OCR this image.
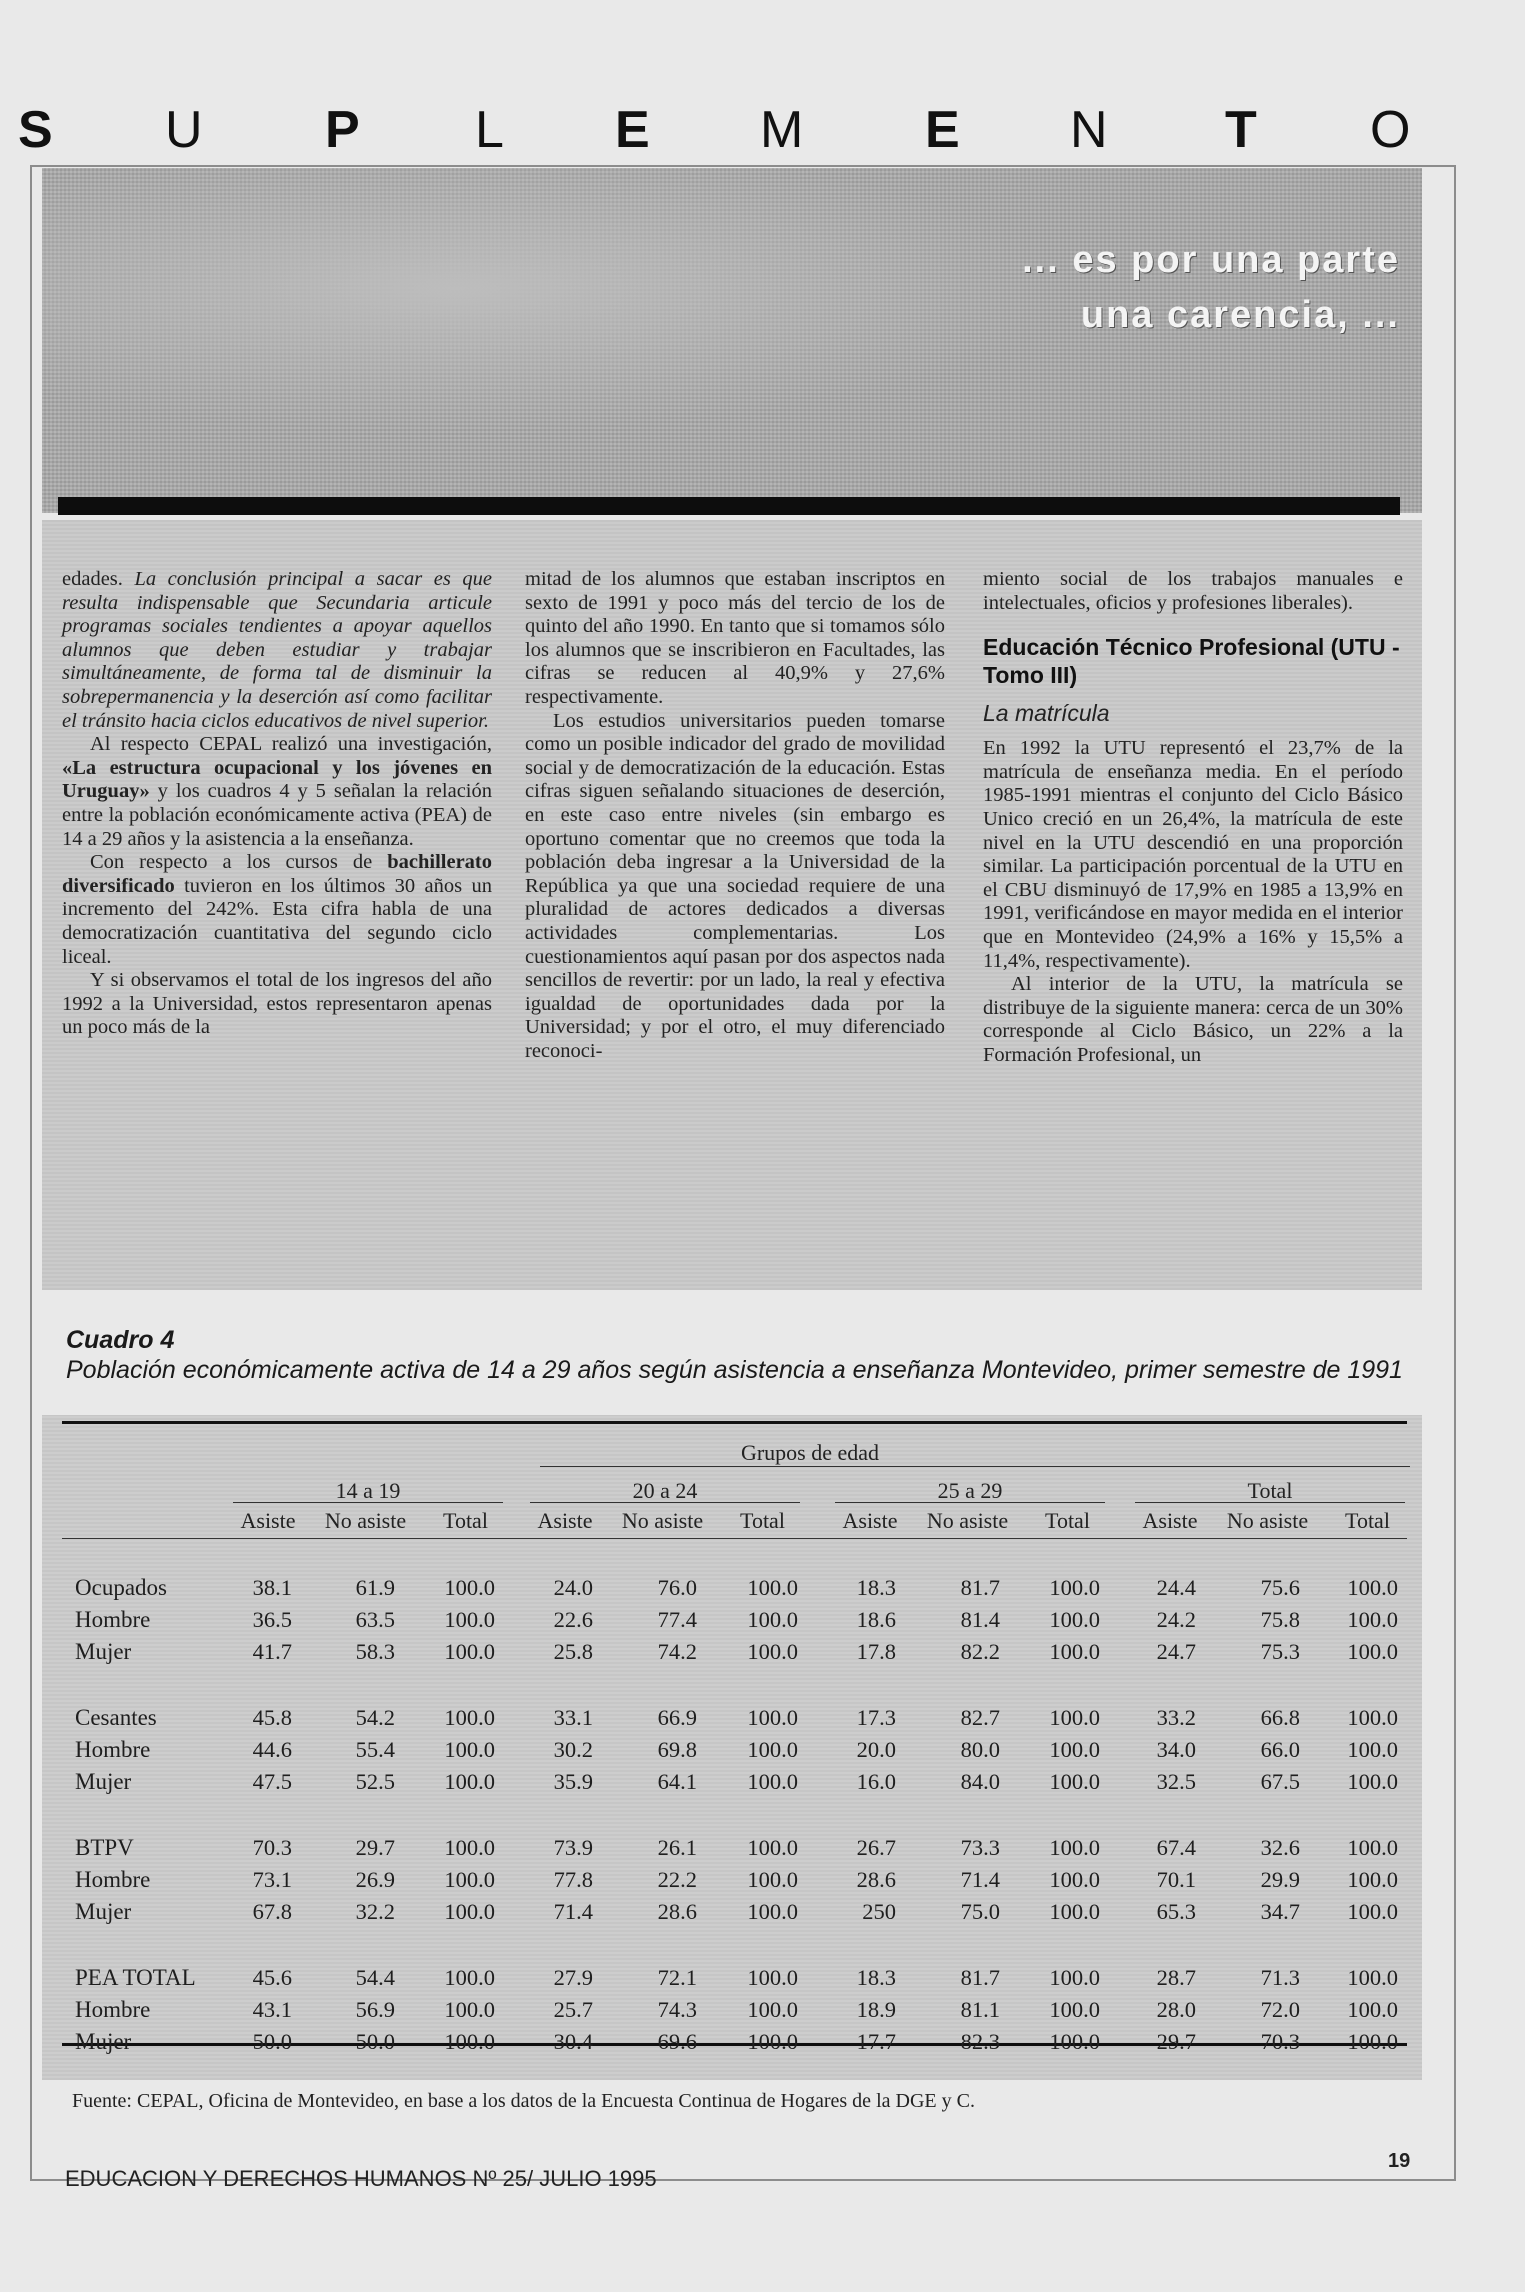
S U P L E M E N T O
... es por una parte
una carencia, ...

edades. La conclusión principal a sacar es que resulta indispensable que Secundaria articule programas sociales tendientes a apoyar aquellos alumnos que deben estudiar y trabajar simultáneamente, de forma tal de disminuir la sobrepermanencia y la deserción así como facilitar el tránsito hacia ciclos educativos de nivel superior.

Al respecto CEPAL realizó una investigación, «La estructura ocupacional y los jóvenes en Uruguay» y los cuadros 4 y 5 señalan la relación entre la población económicamente activa (PEA) de 14 a 29 años y la asistencia a la enseñanza.

Con respecto a los cursos de bachillerato diversificado tuvieron en los últimos 30 años un incremento del 242%. Esta cifra habla de una democratización cuantitativa del segundo ciclo liceal.

Y si observamos el total de los ingresos del año 1992 a la Universidad, estos representaron apenas un poco más de la

mitad de los alumnos que estaban inscriptos en sexto de 1991 y poco más del tercio de los de quinto del año 1990. En tanto que si tomamos sólo los alumnos que se inscribieron en Facultades, las cifras se reducen al 40,9% y 27,6% respectivamente.

Los estudios universitarios pueden tomarse como un posible indicador del grado de movilidad social y de democratización de la educación. Estas cifras siguen señalando situaciones de deserción, en este caso entre niveles (sin embargo es oportuno comentar que no creemos que toda la población deba ingresar a la Universidad de la República ya que una sociedad requiere de una pluralidad de actores dedicados a diversas actividades complementarias. Los cuestionamientos aquí pasan por dos aspectos nada sencillos de revertir: por un lado, la real y efectiva igualdad de oportunidades dada por la Universidad; y por el otro, el muy diferenciado reconoci-

miento social de los trabajos manuales e intelectuales, oficios y profesiones liberales).

Educación Técnico Profesional (UTU - Tomo III)
La matrícula

En 1992 la UTU representó el 23,7% de la matrícula de enseñanza media. En el período 1985-1991 mientras el conjunto del Ciclo Básico Unico creció en un 26,4%, la matrícula de este nivel en la UTU descendió en una proporción similar. La participación porcentual de la UTU en el CBU disminuyó de 17,9% en 1985 a 13,9% en 1991, verificándose en mayor medida en el interior que en Montevideo (24,9% a 16% y 15,5% a 11,4%, respectivamente).

Al interior de la UTU, la matrícula se distribuye de la siguiente manera: cerca de un 30% corresponde al Ciclo Básico, un 22% a la Formación Profesional, un

Cuadro 4
Población económicamente activa de 14 a 29 años según asistencia a enseñanza Montevideo, primer semestre de 1991
Grupos de edad
14 a 19
Asiste	No asiste	Total
20 a 24
Asiste	No asiste	Total
25 a 29
Asiste	No asiste	Total
Total
Asiste	No asiste	Total
Ocupados	38.1	61.9	100.0	24.0	76.0	100.0	18.3	81.7	100.0	24.4	75.6	100.0
Hombre	36.5	63.5	100.0	22.6	77.4	100.0	18.6	81.4	100.0	24.2	75.8	100.0
Mujer	41.7	58.3	100.0	25.8	74.2	100.0	17.8	82.2	100.0	24.7	75.3	100.0
Cesantes	45.8	54.2	100.0	33.1	66.9	100.0	17.3	82.7	100.0	33.2	66.8	100.0
Hombre	44.6	55.4	100.0	30.2	69.8	100.0	20.0	80.0	100.0	34.0	66.0	100.0
Mujer	47.5	52.5	100.0	35.9	64.1	100.0	16.0	84.0	100.0	32.5	67.5	100.0
BTPV	70.3	29.7	100.0	73.9	26.1	100.0	26.7	73.3	100.0	67.4	32.6	100.0
Hombre	73.1	26.9	100.0	77.8	22.2	100.0	28.6	71.4	100.0	70.1	29.9	100.0
Mujer	67.8	32.2	100.0	71.4	28.6	100.0	250	75.0	100.0	65.3	34.7	100.0
PEA TOTAL	45.6	54.4	100.0	27.9	72.1	100.0	18.3	81.7	100.0	28.7	71.3	100.0
Hombre	43.1	56.9	100.0	25.7	74.3	100.0	18.9	81.1	100.0	28.0	72.0	100.0
Mujer	50.0	50.0	100.0	30.4	69.6	100.0	17.7	82.3	100.0	29.7	70.3	100.0
Fuente: CEPAL, Oficina de Montevideo, en base a los datos de la Encuesta Continua de Hogares de la DGE y C.
EDUCACION Y DERECHOS HUMANOS Nº 25/ JULIO 1995
19
